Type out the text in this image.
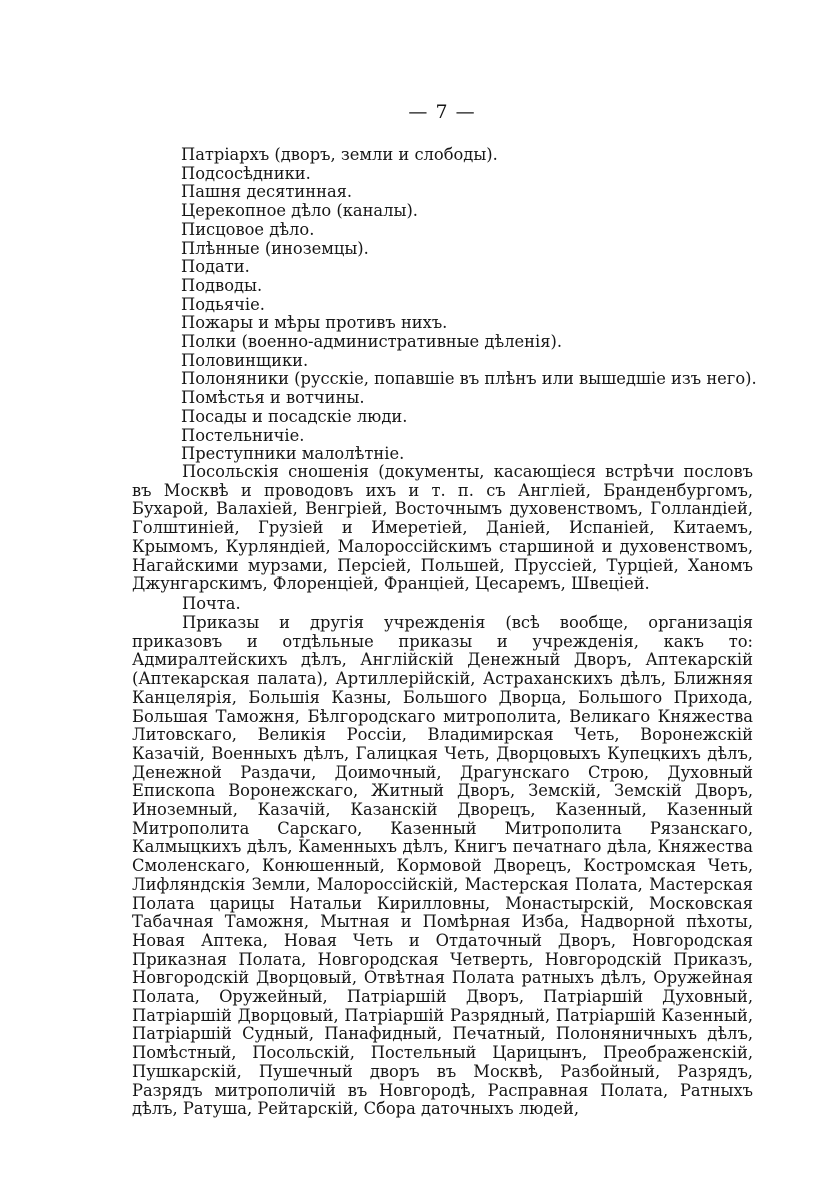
— 7 —
Патріархъ (дворъ, земли и слободы).
Подсосѣдники.
Пашня десятинная.
Церекопное дѣло (каналы).
Писцовое дѣло.
Плѣнные (иноземцы).
Подати.
Подводы.
Подьячіе.
Пожары и мѣры противъ нихъ.
Полки (военно-административные дѣленія).
Половинщики.
Полоняники (русскіе, попавшіе въ плѣнъ или вышедшіе изъ него).
Помѣстья и вотчины.
Посады и посадскіе люди.
Постельничіе.
Преступники малолѣтніе.

Посольскія сношенія (документы, касающіеся встрѣчи пословъ въ Москвѣ и проводовъ ихъ и т. п. съ Англіей, Бранденбургомъ, Бухарой, Валахіей, Венгріей, Восточнымъ духовенствомъ, Голландіей, Голштиніей, Грузіей и Имеретіей, Даніей, Испаніей, Китаемъ, Крымомъ, Курляндіей, Малороссійскимъ старшиной и духовенствомъ, Нагайскими мурзами, Персіей, Польшей, Пруссіей, Турціей, Ханомъ Джунгарскимъ, Флоренціей, Франціей, Цесаремъ, Швеціей.

Почта.

Приказы и другія учрежденія (всѣ вообще, организація приказовъ и отдѣльные приказы и учрежденія, какъ то: Адмиралтейскихъ дѣлъ, Англійскій Денежный Дворъ, Аптекарскій (Аптекарская палата), Артиллерійскій, Астраханскихъ дѣлъ, Ближняя Канцелярія, Большія Казны, Большого Дворца, Большого Прихода, Большая Таможня, Бѣлгородскаго митрополита, Великаго Княжества Литовскаго, Великія Россіи, Владимирская Четь, Воронежскій Казачій, Военныхъ дѣлъ, Галицкая Четь, Дворцовыхъ Купецкихъ дѣлъ, Денежной Раздачи, Доимочный, Драгунскаго Строю, Духовный Епископа Воронежскаго, Житный Дворъ, Земскій, Земскій Дворъ, Иноземный, Казачій, Казанскій Дворецъ, Казенный, Казенный Митрополита Сарскаго, Казенный Митрополита Рязанскаго, Калмыцкихъ дѣлъ, Каменныхъ дѣлъ, Книгъ печатнаго дѣла, Княжества Смоленскаго, Конюшенный, Кормовой Дворецъ, Костромская Четь, Лифляндскія Земли, Малороссійскій, Мастерская Полата, Мастерская Полата царицы Натальи Кирилловны, Монастырскій, Московская Табачная Таможня, Мытная и Помѣрная Изба, Надворной пѣхоты, Новая Аптека, Новая Четь и Отдаточный Дворъ, Новгородская Приказная Полата, Новгородская Четверть, Новгородскій Приказъ, Новгородскій Дворцовый, Отвѣтная Полата ратныхъ дѣлъ, Оружейная Полата, Оружейный, Патріаршій Дворъ, Патріаршій Духовный, Патріаршій Дворцовый, Патріаршій Разрядный, Патріаршій Казенный, Патріаршій Судный, Панафидный, Печатный, Полоняничныхъ дѣлъ, Помѣстный, Посольскій, Постельный Царицынъ, Преображенскій, Пушкарскій, Пушечный дворъ въ Москвѣ, Разбойный, Разрядъ, Разрядъ митрополичій въ Новгородѣ, Расправная Полата, Ратныхъ дѣлъ, Ратуша, Рейтарскій, Сбора даточныхъ людей,
